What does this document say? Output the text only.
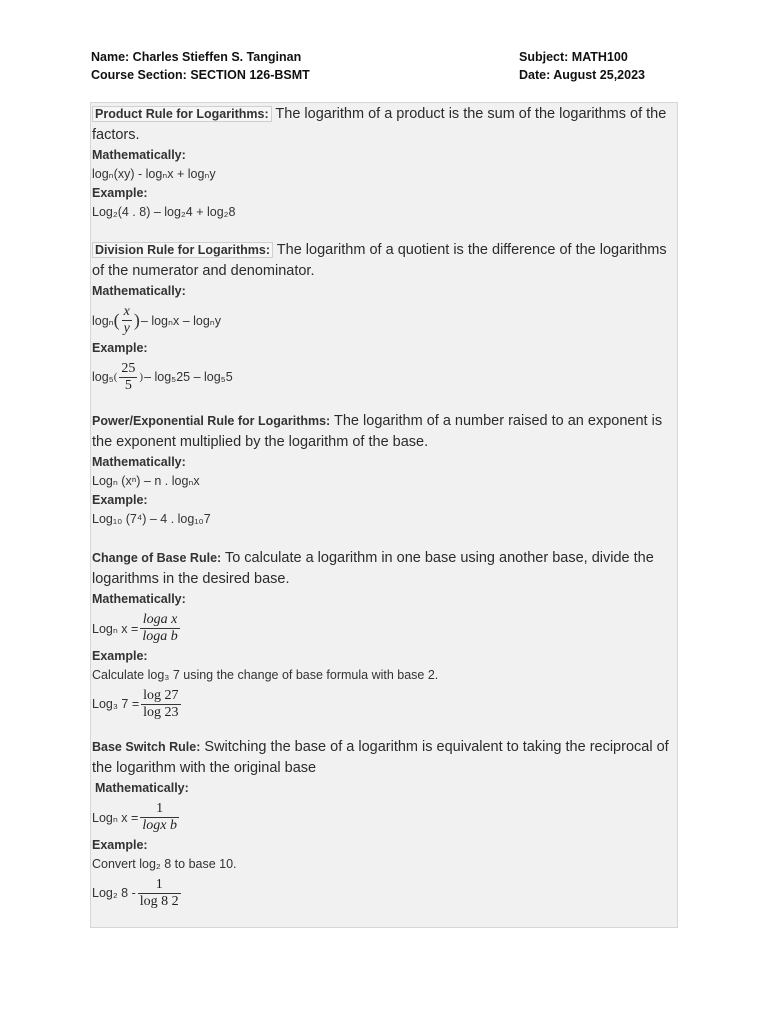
Name: Charles Stieffen S. Tanginan
Course Section: SECTION 126-BSMT
Subject: MATH100
Date: August 25,2023
Product Rule for Logarithms: The logarithm of a product is the sum of the logarithms of the factors.
Mathematically:
logₙ(xy) - logₙx + logₙy
Example:
Log₂(4 . 8) – log₂4 + log₂8
Division Rule for Logarithms: The logarithm of a quotient is the difference of the logarithms of the numerator and denominator.
Mathematically:
logₙ ( $\frac{x}{y}$ ) – logₙx – logₙy
Example:
log₅ ( $\frac{25}{5}$ ) – log₅25 – log₅5
Power/Exponential Rule for Logarithms: The logarithm of a number raised to an exponent is the exponent multiplied by the logarithm of the base.
Mathematically:
Logₙ (xⁿ) – n . logₙx
Example:
Log₁₀ (7⁴) – 4 . log₁₀7
Change of Base Rule: To calculate a logarithm in one base using another base, divide the logarithms in the desired base.
Mathematically:
Logₙ $x = \frac{\text{loga x}}{\text{loga b}}$
Example:
Calculate log₃ 7 using the change of base formula with base 2.
Log₃ $7 = \frac{\log 27}{\log 23}$
Base Switch Rule: Switching the base of a logarithm is equivalent to taking the reciprocal of the logarithm with the original base
Mathematically:
Logₙ $x = \frac{1}{\text{logx b}}$
Example:
Convert log₂ 8 to base 10.
Log₂ $8 - \frac{1}{\log 8 2}$
